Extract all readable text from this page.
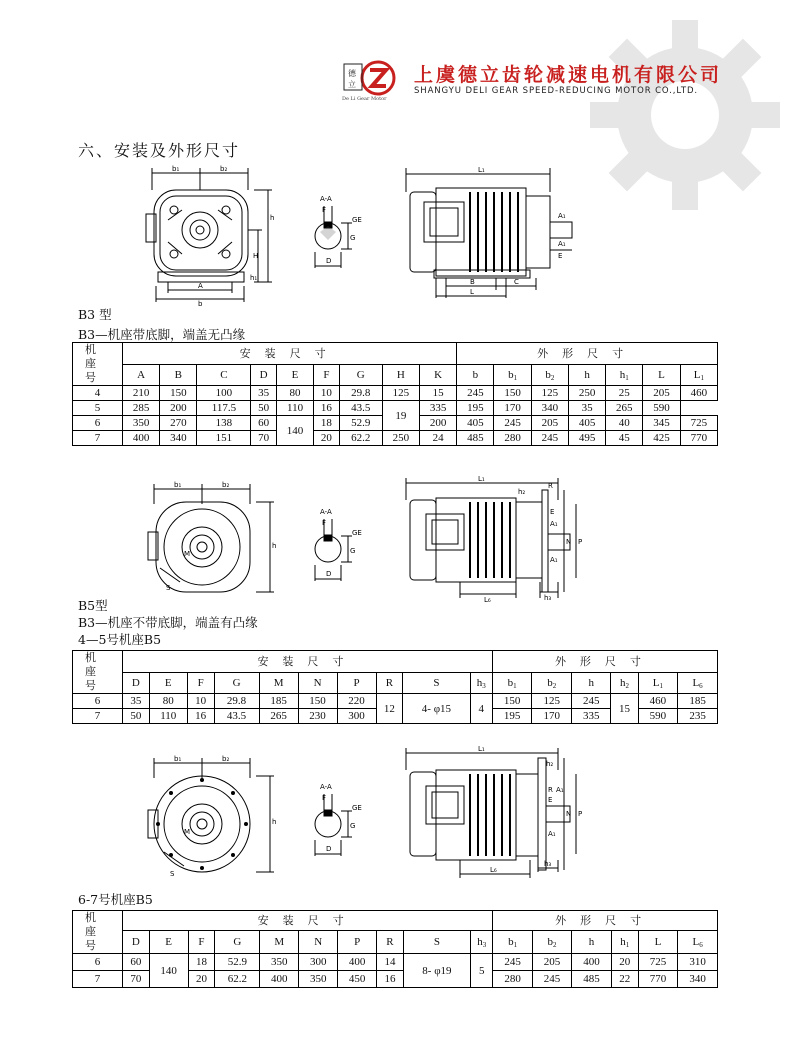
德
立
De Li Gear Motor
上虞德立齿轮减速电机有限公司
SHANGYU DELI GEAR SPEED-REDUCING MOTOR CO.,LTD.
六、安装及外形尺寸
b₁	b₂
A
b
h
H
h₁
A-A
F
GE
G
D
L₁
A₁
A₁
E
B	C
L
B3 型
B3—机座带底脚，端盖无凸缘
机座号	安装尺寸									外形尺寸						
	A	B	C	D	E	F	G	H	K	b	$b_1$	$b_2$	h	$h_1$	L	$L_1$
4	210	150	100	35	80	10	29.8	125	15	245	150	125	250	25	205	460
5	285	200	117.5	50	110	16	43.5	19	335	195	170	340	35	265	590	
6	350	270	138	60	140	18	52.9		200	405	245	205	405	40	345	725
7	400	340	151	70		20	62.2	250	24	485	280	245	495	45	425	770
b₁	b₂
h
M
S
A-A
F
GE
G
D
L₁
h₂
R
E
A₁
A₁
N P
L₆	h₃
B5型
B3—机座不带底脚，端盖有凸缘
4—5号机座B5
机座号	安装尺寸										外形尺寸					
	D	E	F	G	M	N	P	R	S	$h_3$	$b_1$	$b_2$	h	$h_2$	$L_1$	$L_6$
6	35	80	10	29.8	185	150	220	12	4- φ15	4	150	125	245	15	460	185
7	50	110	16	43.5	265	230	300				195	170	335		590	235
b₁	b₂
h
M
S
A-A
F
GE
G
D
L₁
h₂
R A₁
E
A₁
N P
L₆
h₃
6-7号机座B5
机座号	安装尺寸										外形尺寸					
	D	E	F	G	M	N	P	R	S	$h_3$	$b_1$	$b_2$	h	$h_1$	L	$L_6$
6	60	140	18	52.9	350	300	400	14	8- φ19	5	245	205	400	20	725	310
7	70		20	62.2	400	350	450	16			280	245	485	22	770	340
